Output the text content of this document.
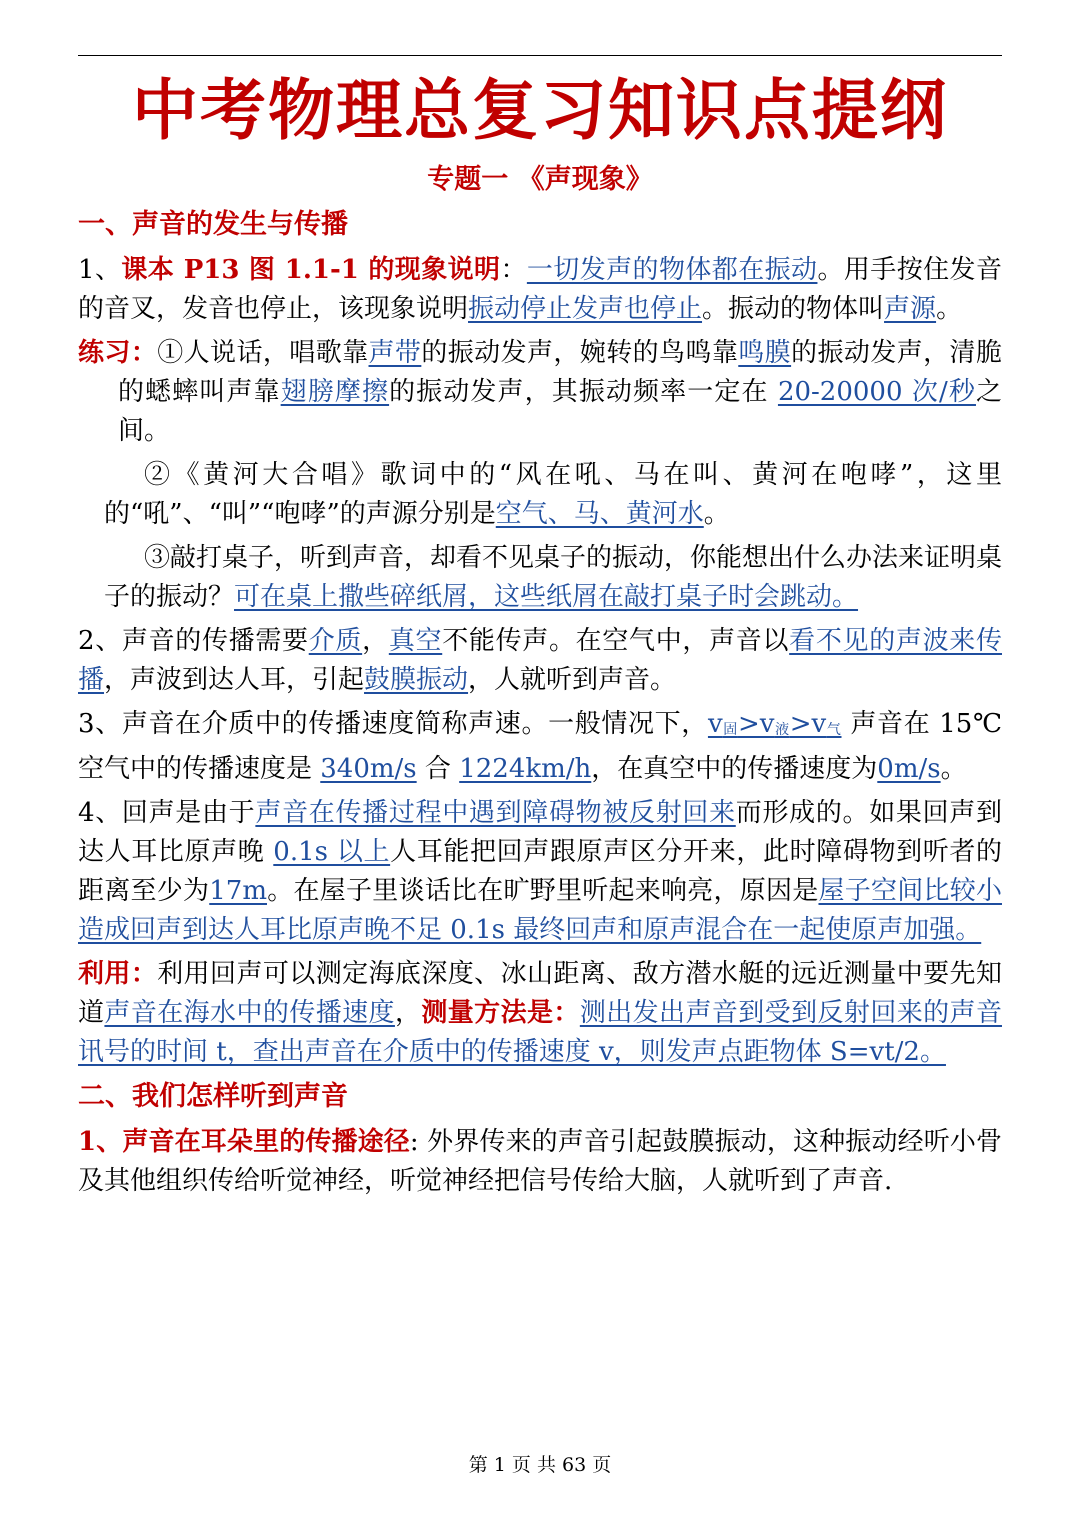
中考物理总复习知识点提纲
专题一 《声现象》
一、声音的发生与传播

1、课本 P13 图 1.1-1 的现象说明：一切发声的物体都在振动。用手按住发音的音叉，发音也停止，该现象说明振动停止发声也停止。振动的物体叫声源。

练习：①人说话，唱歌靠声带的振动发声，婉转的鸟鸣靠鸣膜的振动发声，清脆的蟋蟀叫声靠翅膀摩擦的振动发声，其振动频率一定在 20-20000 次/秒之间。

②《黄河大合唱》歌词中的“风在吼、马在叫、黄河在咆哮”，这里的“吼”、“叫”“咆哮”的声源分别是空气、马、黄河水。

③敲打桌子，听到声音，却看不见桌子的振动，你能想出什么办法来证明桌子的振动？可在桌上撒些碎纸屑，这些纸屑在敲打桌子时会跳动。

2、声音的传播需要介质，真空不能传声。在空气中，声音以看不见的声波来传播，声波到达人耳，引起鼓膜振动，人就听到声音。

3、声音在介质中的传播速度简称声速。一般情况下，$v_固>v_液>v_气$ 声音在 15℃空气中的传播速度是 340m/s 合 1224km/h，在真空中的传播速度为0m/s。

4、回声是由于声音在传播过程中遇到障碍物被反射回来而形成的。如果回声到达人耳比原声晚 0.1s 以上人耳能把回声跟原声区分开来，此时障碍物到听者的距离至少为17m。在屋子里谈话比在旷野里听起来响亮，原因是屋子空间比较小造成回声到达人耳比原声晚不足 0.1s 最终回声和原声混合在一起使原声加强。

利用：利用回声可以测定海底深度、冰山距离、敌方潜水艇的远近测量中要先知道声音在海水中的传播速度，测量方法是：测出发出声音到受到反射回来的声音讯号的时间 t，查出声音在介质中的传播速度 v，则发声点距物体 S=vt/2。

二、我们怎样听到声音

1、声音在耳朵里的传播途径: 外界传来的声音引起鼓膜振动，这种振动经听小骨及其他组织传给听觉神经，听觉神经把信号传给大脑，人就听到了声音.

第 1 页 共 63 页
